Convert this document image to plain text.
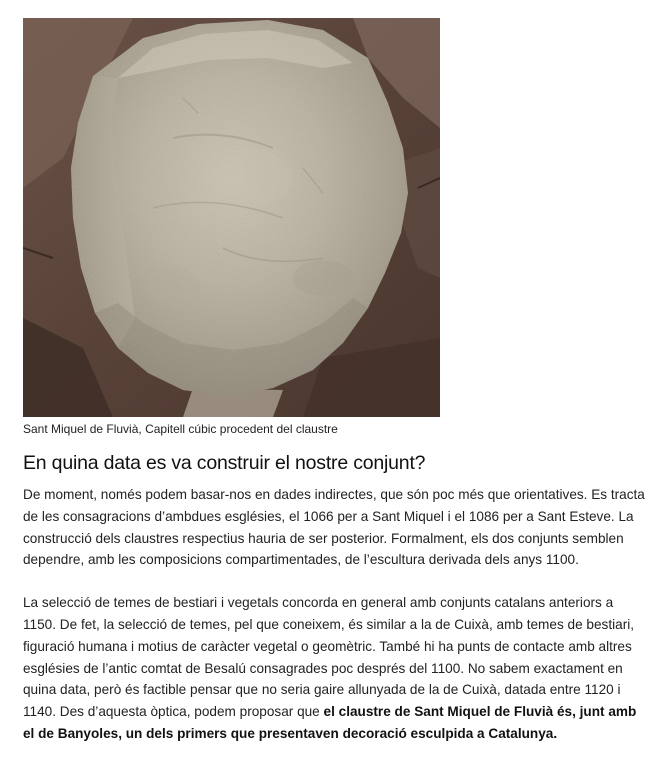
Sant Miquel de Fluvià, Capitell cúbic procedent del claustre
En quina data es va construir el nostre conjunt?

De moment, només podem basar-nos en dades indirectes, que són poc més que orientatives. Es tracta de les consagracions d’ambdues esglésies, el 1066 per a Sant Miquel i el 1086 per a Sant Esteve. La construcció dels claustres respectius hauria de ser posterior. Formalment, els dos conjunts semblen dependre, amb les composicions compartimentades, de l’escultura derivada dels anys 1100.

La selecció de temes de bestiari i vegetals concorda en general amb conjunts catalans anteriors a 1150. De fet, la selecció de temes, pel que coneixem, és similar a la de Cuixà, amb temes de bestiari, figuració humana i motius de caràcter vegetal o geomètric. També hi ha punts de contacte amb altres esglésies de l’antic comtat de Besalú consagrades poc després del 1100. No sabem exactament en quina data, però és factible pensar que no seria gaire allunyada de la de Cuixà, datada entre 1120 i 1140. Des d’aquesta òptica, podem proposar que el claustre de Sant Miquel de Fluvià és, junt amb el de Banyoles, un dels primers que presentaven decoració esculpida a Catalunya.
